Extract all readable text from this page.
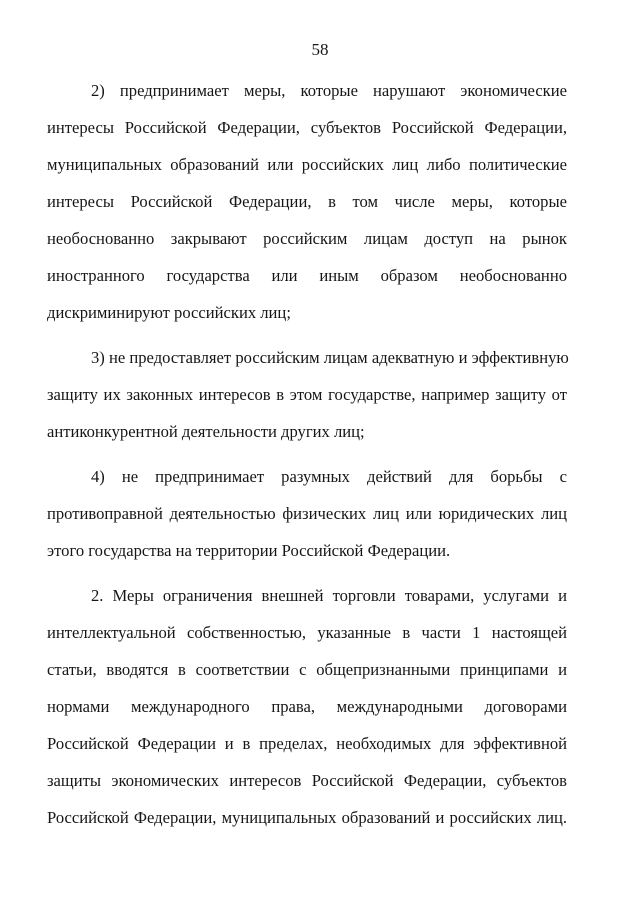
58

2) предпринимает меры, которые нарушают экономические
интересы Российской Федерации, субъектов Российской Федерации,
муниципальных образований или российских лиц либо политические
интересы Российской Федерации, в том числе меры, которые
необоснованно закрывают российским лицам доступ на рынок
иностранного государства или иным образом необоснованно
дискриминируют российских лиц;

3) не предоставляет российским лицам адекватную и эффективную
защиту их законных интересов в этом государстве, например защиту от
антиконкурентной деятельности других лиц;

4) не предпринимает разумных действий для борьбы с
противоправной деятельностью физических лиц или юридических лиц
этого государства на территории Российской Федерации.

2. Меры ограничения внешней торговли товарами, услугами и
интеллектуальной собственностью, указанные в части 1 настоящей
статьи, вводятся в соответствии с общепризнанными принципами и
нормами международного права, международными договорами
Российской Федерации и в пределах, необходимых для эффективной
защиты экономических интересов Российской Федерации, субъектов
Российской Федерации, муниципальных образований и российских лиц.
